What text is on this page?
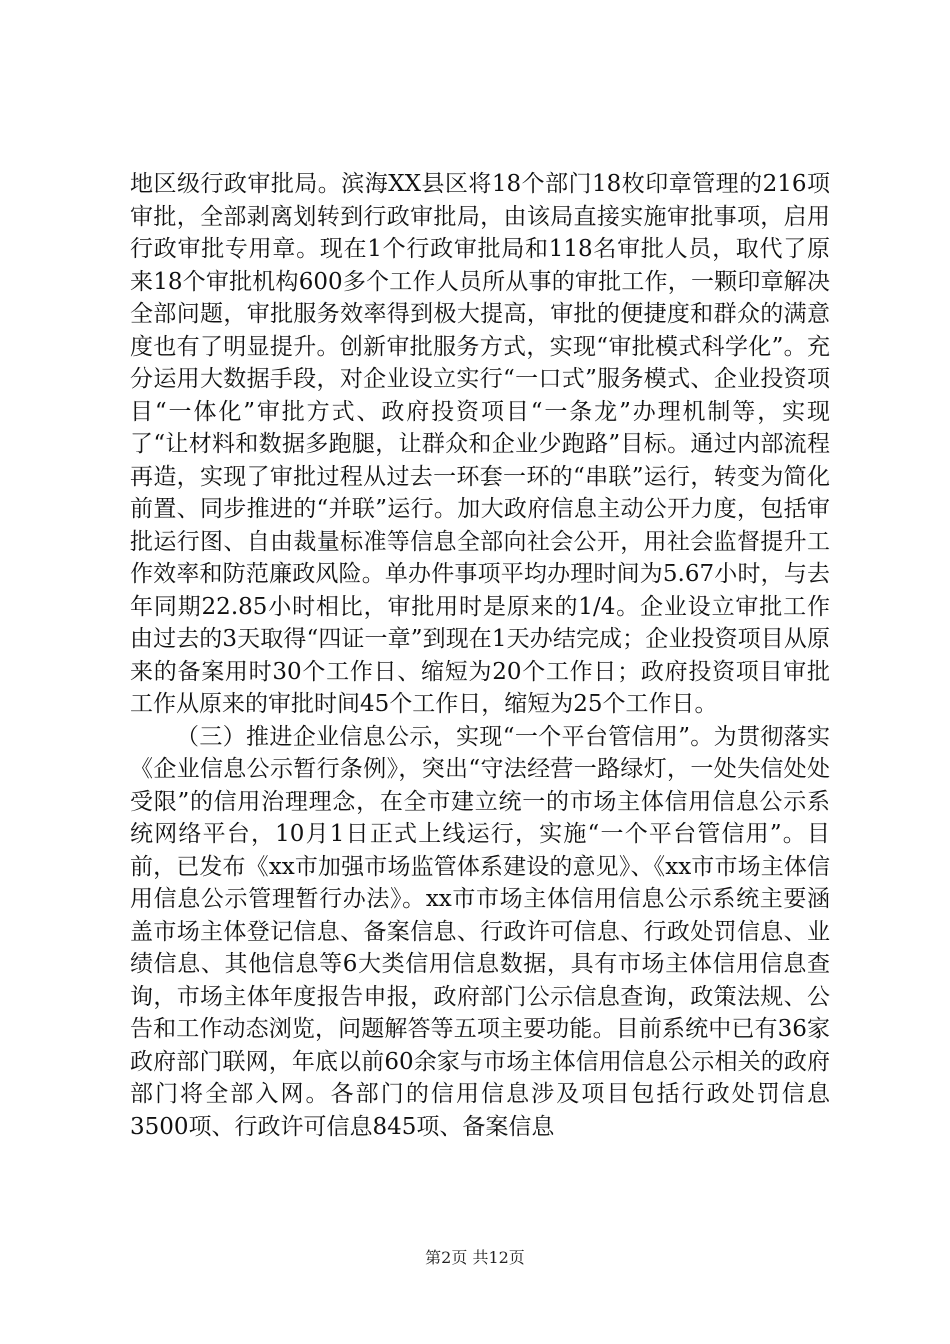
地区级行政审批局。滨海XX县区将18个部门18枚印章管理的216项审批，全部剥离划转到行政审批局，由该局直接实施审批事项，启用行政审批专用章。现在1个行政审批局和118名审批人员，取代了原来18个审批机构600多个工作人员所从事的审批工作，一颗印章解决全部问题，审批服务效率得到极大提高，审批的便捷度和群众的满意度也有了明显提升。创新审批服务方式，实现“审批模式科学化”。充分运用大数据手段，对企业设立实行“一口式”服务模式、企业投资项目“一体化”审批方式、政府投资项目“一条龙”办理机制等，实现了“让材料和数据多跑腿，让群众和企业少跑路”目标。通过内部流程再造，实现了审批过程从过去一环套一环的“串联”运行，转变为简化前置、同步推进的“并联”运行。加大政府信息主动公开力度，包括审批运行图、自由裁量标准等信息全部向社会公开，用社会监督提升工作效率和防范廉政风险。单办件事项平均办理时间为5.67小时，与去年同期22.85小时相比，审批用时是原来的1/4。企业设立审批工作由过去的3天取得“四证一章”到现在1天办结完成；企业投资项目从原来的备案用时30个工作日、缩短为20个工作日；政府投资项目审批工作从原来的审批时间45个工作日，缩短为25个工作日。

（三）推进企业信息公示，实现“一个平台管信用”。为贯彻落实《企业信息公示暂行条例》，突出“守法经营一路绿灯，一处失信处处受限”的信用治理理念，在全市建立统一的市场主体信用信息公示系统网络平台，10月1日正式上线运行，实施“一个平台管信用”。目前，已发布《xx市加强市场监管体系建设的意见》、《xx市市场主体信用信息公示管理暂行办法》。xx市市场主体信用信息公示系统主要涵盖市场主体登记信息、备案信息、行政许可信息、行政处罚信息、业绩信息、其他信息等6大类信用信息数据，具有市场主体信用信息查询，市场主体年度报告申报，政府部门公示信息查询，政策法规、公告和工作动态浏览，问题解答等五项主要功能。目前系统中已有36家政府部门联网，年底以前60余家与市场主体信用信息公示相关的政府部门将全部入网。各部门的信用信息涉及项目包括行政处罚信息3500项、行政许可信息845项、备案信息

第2页 共12页
